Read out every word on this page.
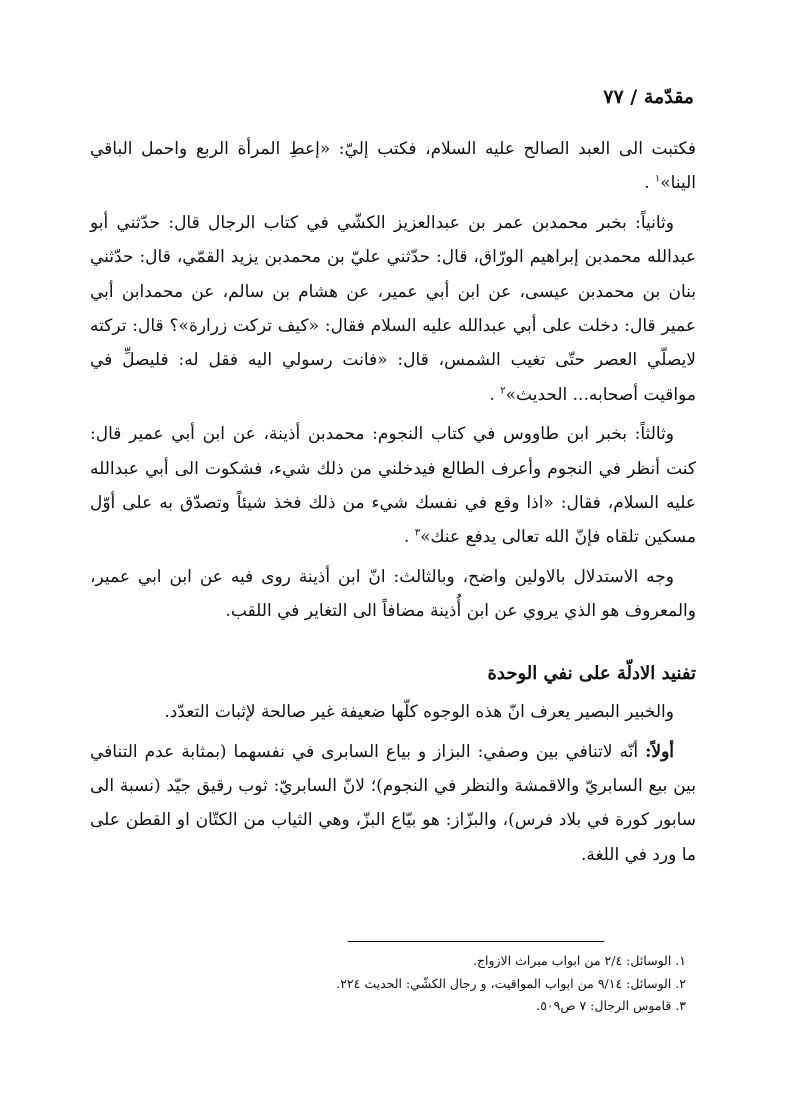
مقدّمة / ٧٧

فكتبت الى العبد الصالح عليه السلام، فكتب إليّ: «إعطِ المرأة الربع واحمل الباقي الينا»$^١$ .

وثانياً: بخبر محمدبن عمر بن عبدالعزيز الكشّي في كتاب الرجال قال: حدّثني أبو عبدالله محمدبن إبراهيم الورّاق، قال: حدّثني عليّ بن محمدبن يزيد القمّي، قال: حدّثني بنان بن محمدبن عيسى، عن ابن أبي عمير، عن هشام بن سالم، عن محمدابن أبي عمير قال: دخلت على أبي عبدالله عليه السلام فقال: «كيف تركت زرارة»؟ قال: تركته لايصلّي العصر حتّى تغيب الشمس، قال: «فانت رسولي اليه فقل له: فليصلِّ في مواقيت أصحابه... الحديث»$^٢$ .

وثالثاً: بخبر ابن طاووس في كتاب النجوم: محمدبن أذينة، عن ابن أبي عمير قال: كنت أنظر في النجوم وأعرف الطالع فيدخلني من ذلك شيء، فشكوت الى أبي عبدالله عليه السلام، فقال: «اذا وقع في نفسك شيء من ذلك فخذ شيئاً وتصدّق به على أوّل مسكين تلقاه فإنّ الله تعالى يدفع عنك»$^٣$ .

وجه الاستدلال بالاولين واضح، وبالثالث: انّ ابن أذينة روى فيه عن ابن ابي عمير، والمعروف هو الذي يروي عن ابن أُذينة مضافاً الى التغاير في اللقب.

تفنيد الادلّة على نفي الوحدة

والخبير البصير يعرف انّ هذه الوجوه كلّها ضعيفة غير صالحة لإثبات التعدّد.

أولاً: أنّه لاتنافي بين وصفي: البزاز و بياع السابرى في نفسهما (بمثابة عدم التنافي بين بيع السابريّ والاقمشة والنظر في النجوم)؛ لانّ السابريّ: ثوب رقيق جيّد (نسبة الى سابور كورة في بلاد فرس)، والبزّاز: هو بيّاع البزّ، وهي الثياب من الكتّان او القطن على ما ورد في اللغة.

١. الوسائل: ٢/٤ من ابواب ميراث الازواج.
٢. الوسائل: ٩/١٤ من ابواب المواقيت، و رجال الكشّي: الحديث ٢٢٤.
٣. قاموس الرجال: ٧ ص٥٠٩.
